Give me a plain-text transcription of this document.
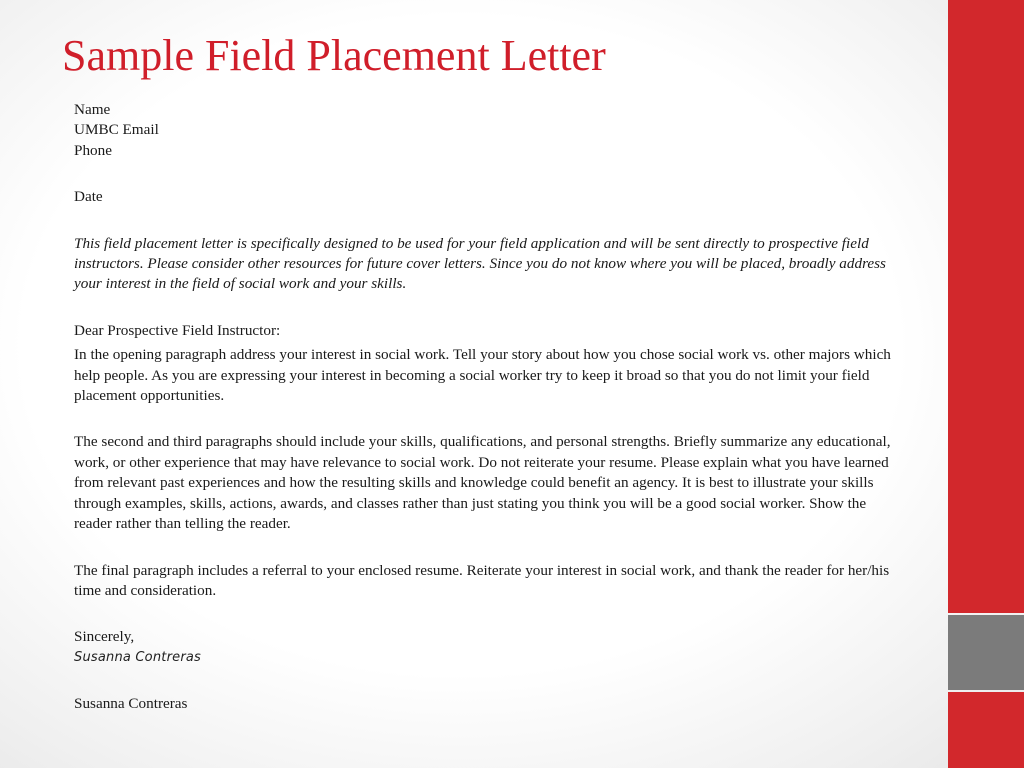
Sample Field Placement Letter

Name

UMBC Email

Phone

Date

This field placement letter is specifically designed to be used for your field application and will be sent directly to prospective field instructors. Please consider other resources for future cover letters. Since you do not know where you will be placed, broadly address your interest in the field of social work and your skills.

Dear Prospective Field Instructor:

In the opening paragraph address your interest in social work. Tell your story about how you chose social work vs. other majors which help people. As you are expressing your interest in becoming a social worker try to keep it broad so that you do not limit your field placement opportunities.

The second and third paragraphs should include your skills, qualifications, and personal strengths. Briefly summarize any educational, work, or other experience that may have relevance to social work. Do not reiterate your resume. Please explain what you have learned from relevant past experiences and how the resulting skills and knowledge could benefit an agency. It is best to illustrate your skills through examples, skills, actions, awards, and classes rather than just stating you think you will be a good social worker. Show the reader rather than telling the reader.

The final paragraph includes a referral to your enclosed resume. Reiterate your interest in social work, and thank the reader for her/his time and consideration.

Sincerely,

Susanna Contreras

Susanna Contreras
